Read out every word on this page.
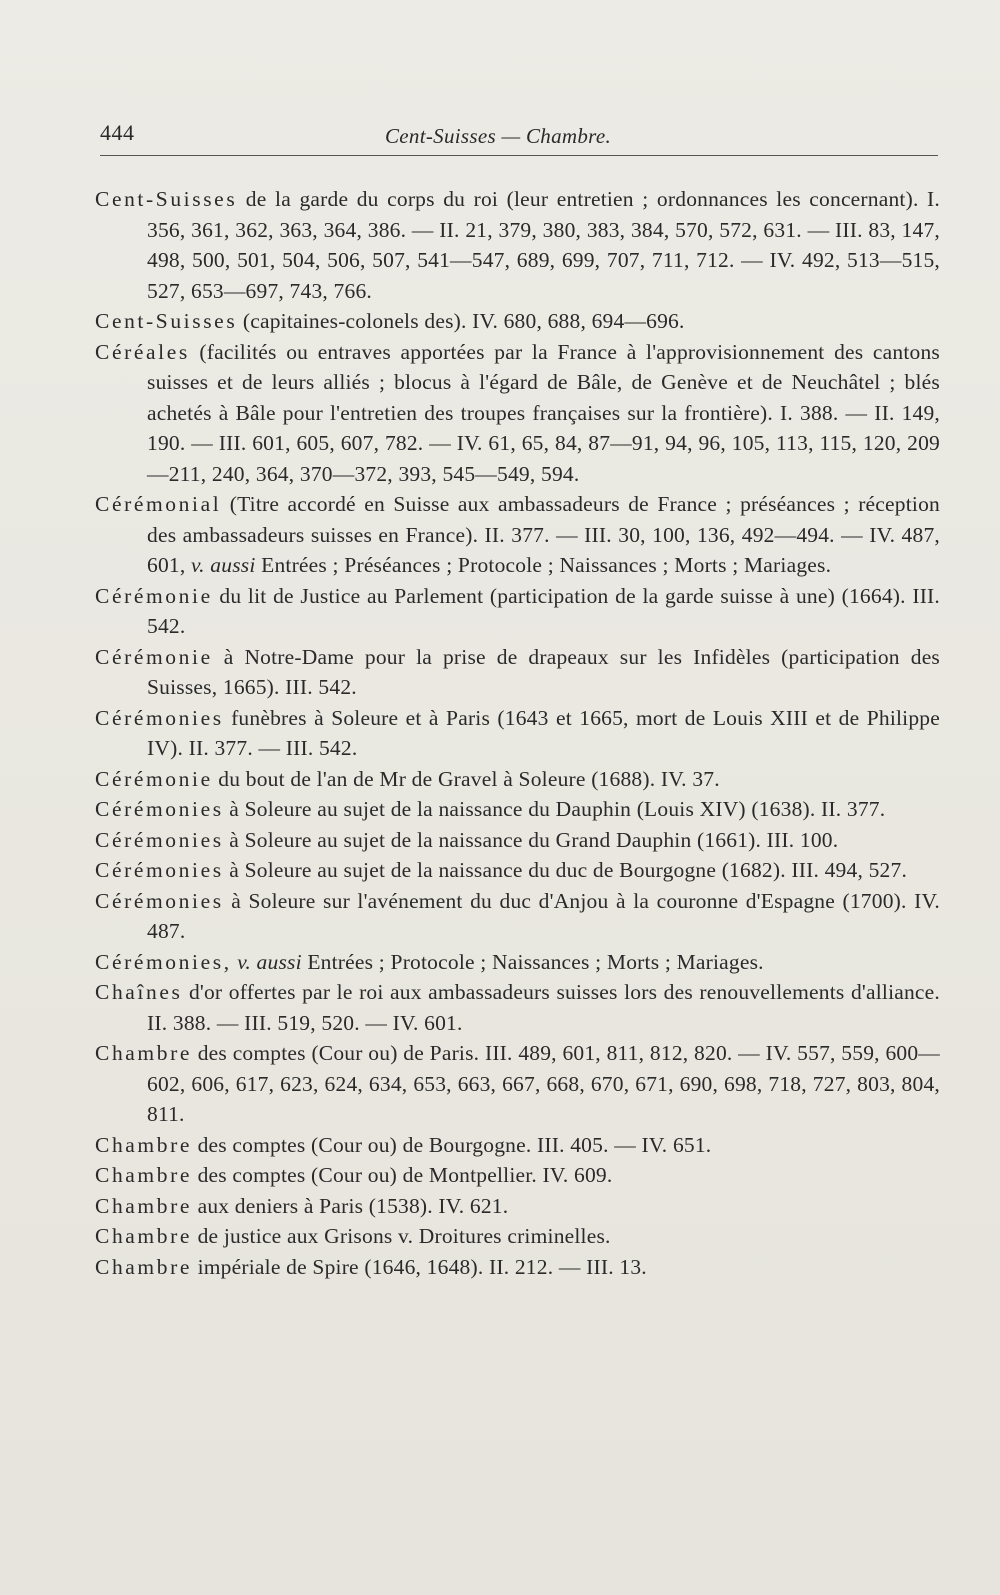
444	Cent-Suisses — Chambre.

Cent-Suisses de la garde du corps du roi (leur entretien ; ordonnances les concernant). I. 356, 361, 362, 363, 364, 386. — II. 21, 379, 380, 383, 384, 570, 572, 631. — III. 83, 147, 498, 500, 501, 504, 506, 507, 541—547, 689, 699, 707, 711, 712. — IV. 492, 513—515, 527, 653—697, 743, 766.

Cent-Suisses (capitaines-colonels des). IV. 680, 688, 694—696.

Céréales (facilités ou entraves apportées par la France à l'approvisionnement des cantons suisses et de leurs alliés ; blocus à l'égard de Bâle, de Genève et de Neuchâtel ; blés achetés à Bâle pour l'entretien des troupes françaises sur la frontière). I. 388. — II. 149, 190. — III. 601, 605, 607, 782. — IV. 61, 65, 84, 87—91, 94, 96, 105, 113, 115, 120, 209—211, 240, 364, 370—372, 393, 545—549, 594.

Cérémonial (Titre accordé en Suisse aux ambassadeurs de France ; préséances ; réception des ambassadeurs suisses en France). II. 377. — III. 30, 100, 136, 492—494. — IV. 487, 601, v. aussi Entrées ; Préséances ; Protocole ; Naissances ; Morts ; Mariages.

Cérémonie du lit de Justice au Parlement (participation de la garde suisse à une) (1664). III. 542.

Cérémonie à Notre-Dame pour la prise de drapeaux sur les Infidèles (participation des Suisses, 1665). III. 542.

Cérémonies funèbres à Soleure et à Paris (1643 et 1665, mort de Louis XIII et de Philippe IV). II. 377. — III. 542.

Cérémonie du bout de l'an de Mr de Gravel à Soleure (1688). IV. 37.

Cérémonies à Soleure au sujet de la naissance du Dauphin (Louis XIV) (1638). II. 377.

Cérémonies à Soleure au sujet de la naissance du Grand Dauphin (1661). III. 100.

Cérémonies à Soleure au sujet de la naissance du duc de Bourgogne (1682). III. 494, 527.

Cérémonies à Soleure sur l'avénement du duc d'Anjou à la couronne d'Espagne (1700). IV. 487.

Cérémonies, v. aussi Entrées ; Protocole ; Naissances ; Morts ; Mariages.

Chaînes d'or offertes par le roi aux ambassadeurs suisses lors des renouvellements d'alliance. II. 388. — III. 519, 520. — IV. 601.

Chambre des comptes (Cour ou) de Paris. III. 489, 601, 811, 812, 820. — IV. 557, 559, 600—602, 606, 617, 623, 624, 634, 653, 663, 667, 668, 670, 671, 690, 698, 718, 727, 803, 804, 811.

Chambre des comptes (Cour ou) de Bourgogne. III. 405. — IV. 651.

Chambre des comptes (Cour ou) de Montpellier. IV. 609.

Chambre aux deniers à Paris (1538). IV. 621.

Chambre de justice aux Grisons v. Droitures criminelles.

Chambre impériale de Spire (1646, 1648). II. 212. — III. 13.
